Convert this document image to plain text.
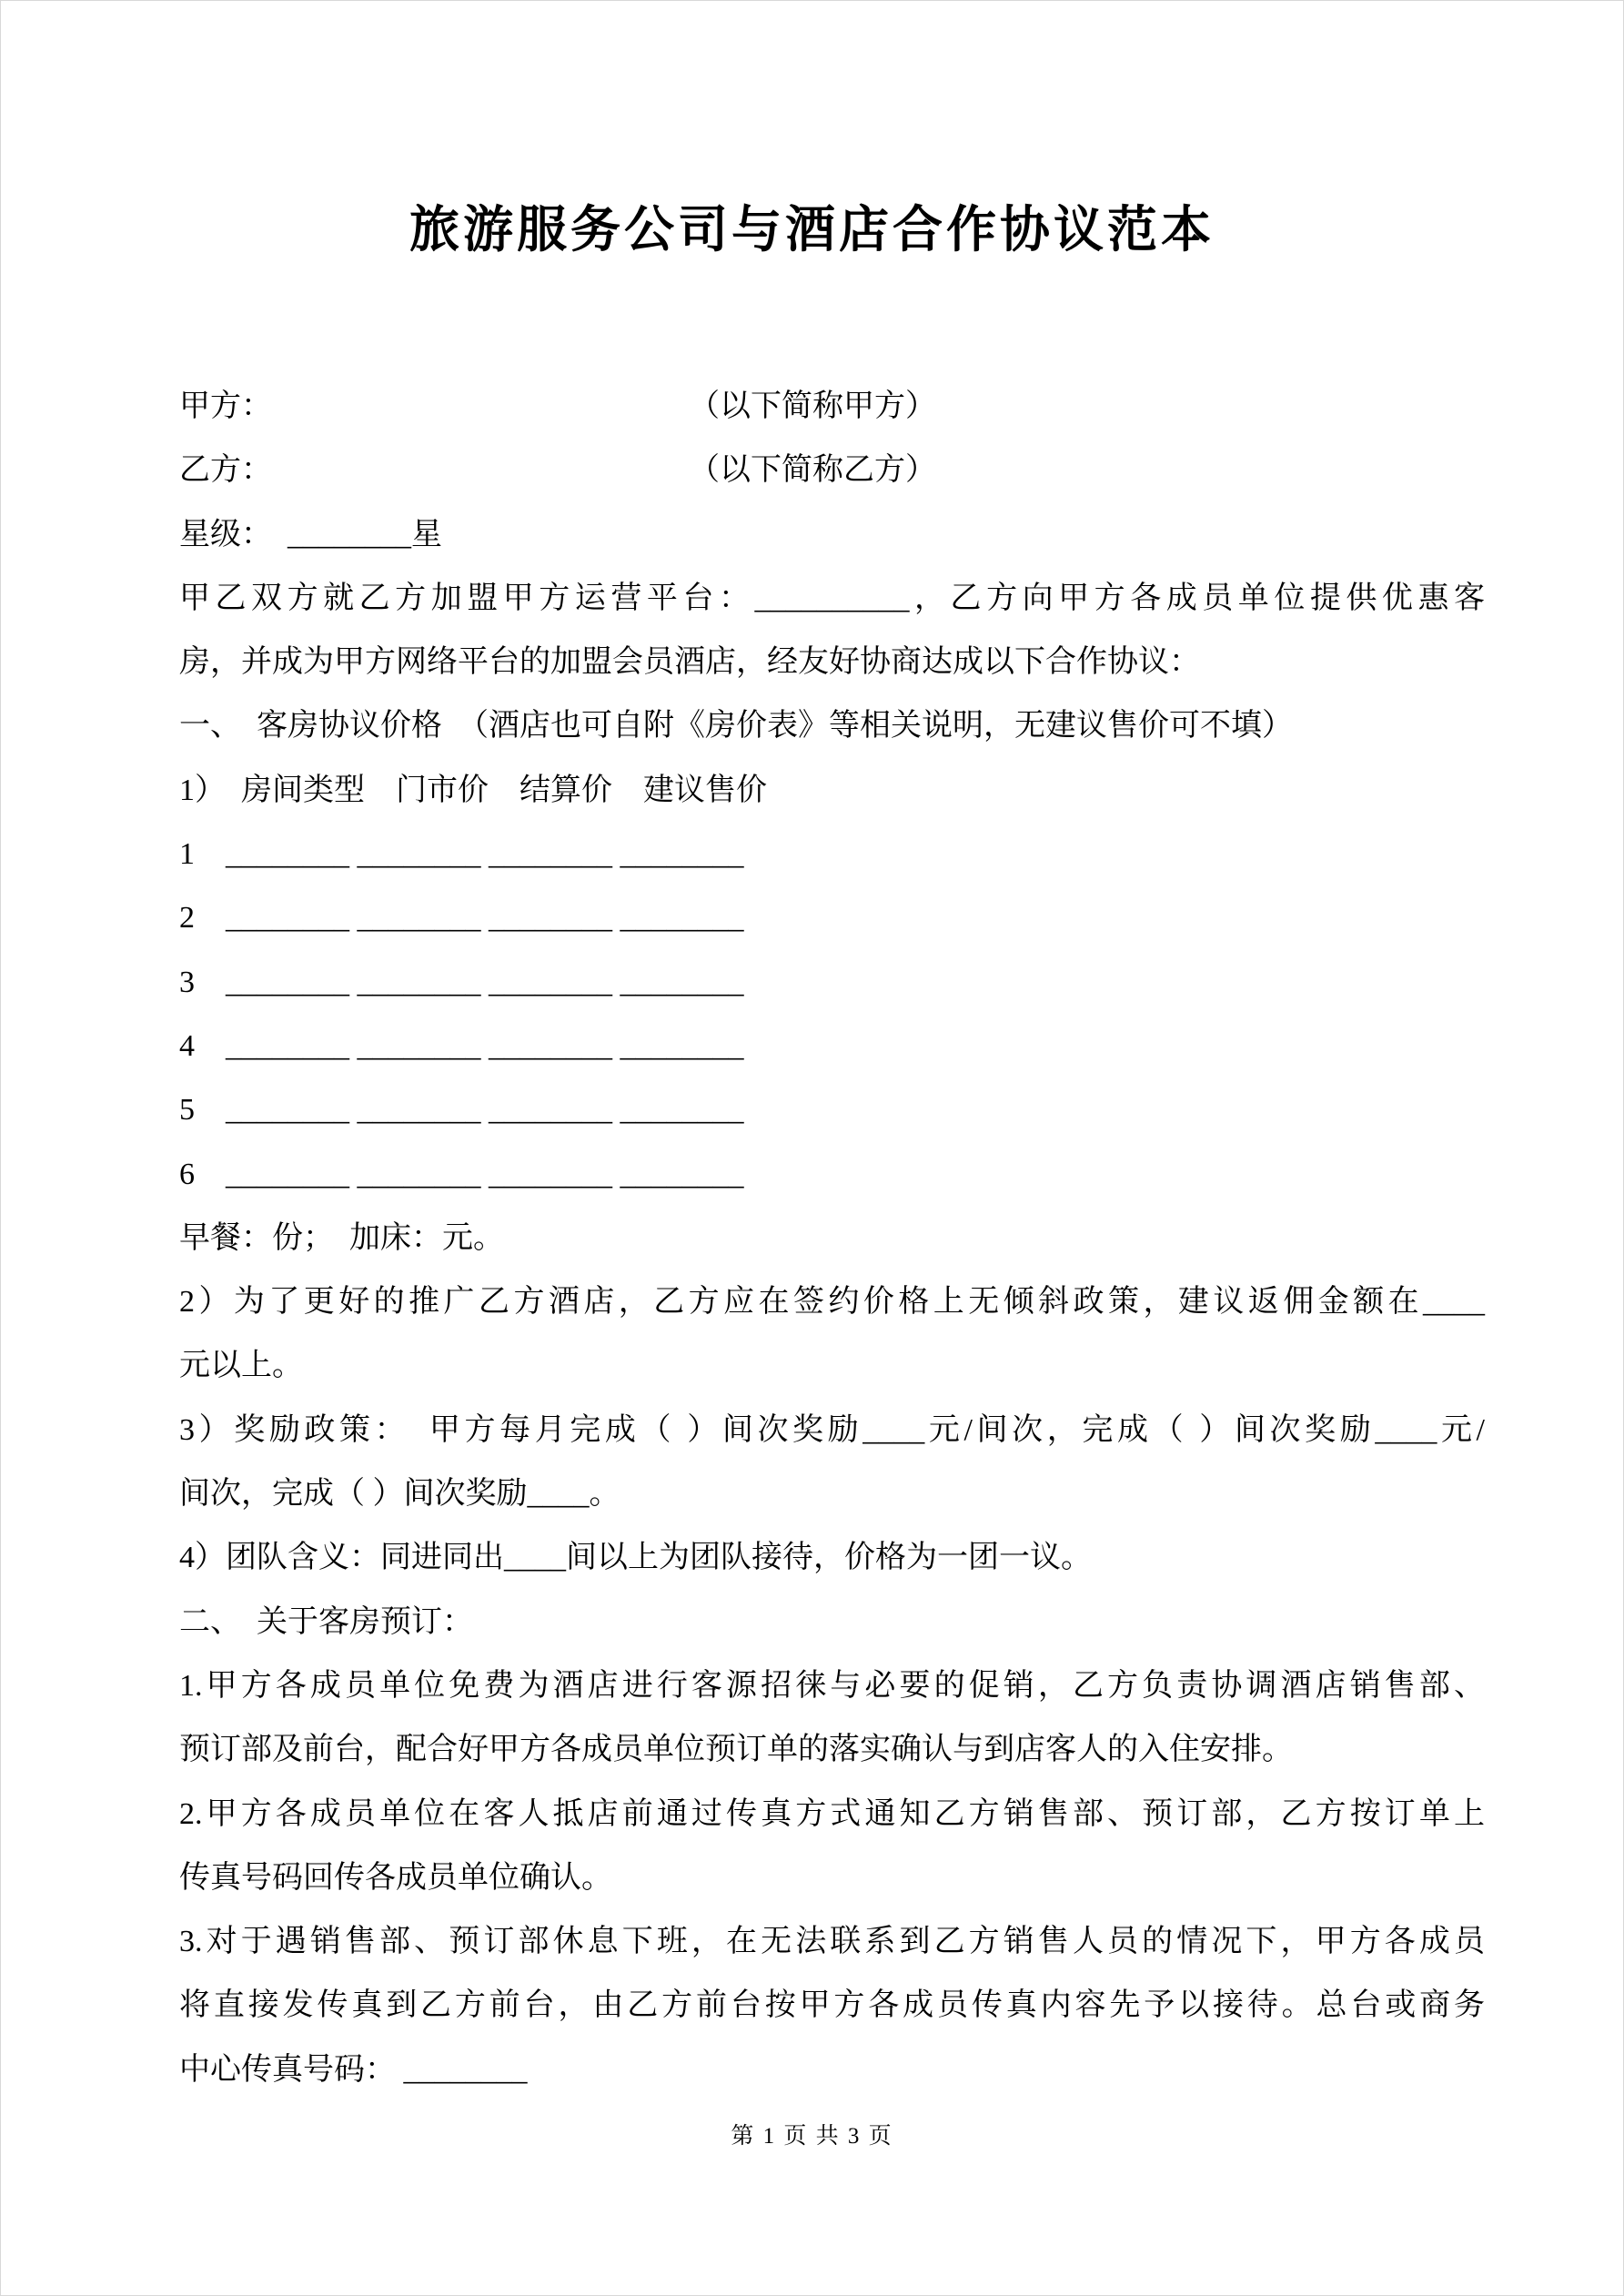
旅游服务公司与酒店合作协议范本
甲方：	（以下简称甲方）
乙方：	（以下简称乙方）
星级：　________星
甲乙双方就乙方加盟甲方运营平台：__________，乙方向甲方各成员单位提供优惠客
房，并成为甲方网络平台的加盟会员酒店，经友好协商达成以下合作协议：
一、　客房协议价格　（酒店也可自附《房价表》等相关说明，无建议售价可不填）
1）　房间类型　门市价　结算价　建议售价
1　________ ________ ________ ________
2　________ ________ ________ ________
3　________ ________ ________ ________
4　________ ________ ________ ________
5　________ ________ ________ ________
6　________ ________ ________ ________
早餐：份；　加床：元。
2）为了更好的推广乙方酒店，乙方应在签约价格上无倾斜政策，建议返佣金额在____
元以上。
3）奖励政策：　甲方每月完成（ ）间次奖励____元/间次，完成（ ）间次奖励____元/
间次，完成（ ）间次奖励____。
4）团队含义：同进同出____间以上为团队接待，价格为一团一议。
二、　关于客房预订：
1.甲方各成员单位免费为酒店进行客源招徕与必要的促销，乙方负责协调酒店销售部、
预订部及前台，配合好甲方各成员单位预订单的落实确认与到店客人的入住安排。
2.甲方各成员单位在客人抵店前通过传真方式通知乙方销售部、预订部，乙方按订单上
传真号码回传各成员单位确认。
3.对于遇销售部、预订部休息下班，在无法联系到乙方销售人员的情况下，甲方各成员
将直接发传真到乙方前台，由乙方前台按甲方各成员传真内容先予以接待。总台或商务
中心传真号码： ________
第 1 页 共 3 页
